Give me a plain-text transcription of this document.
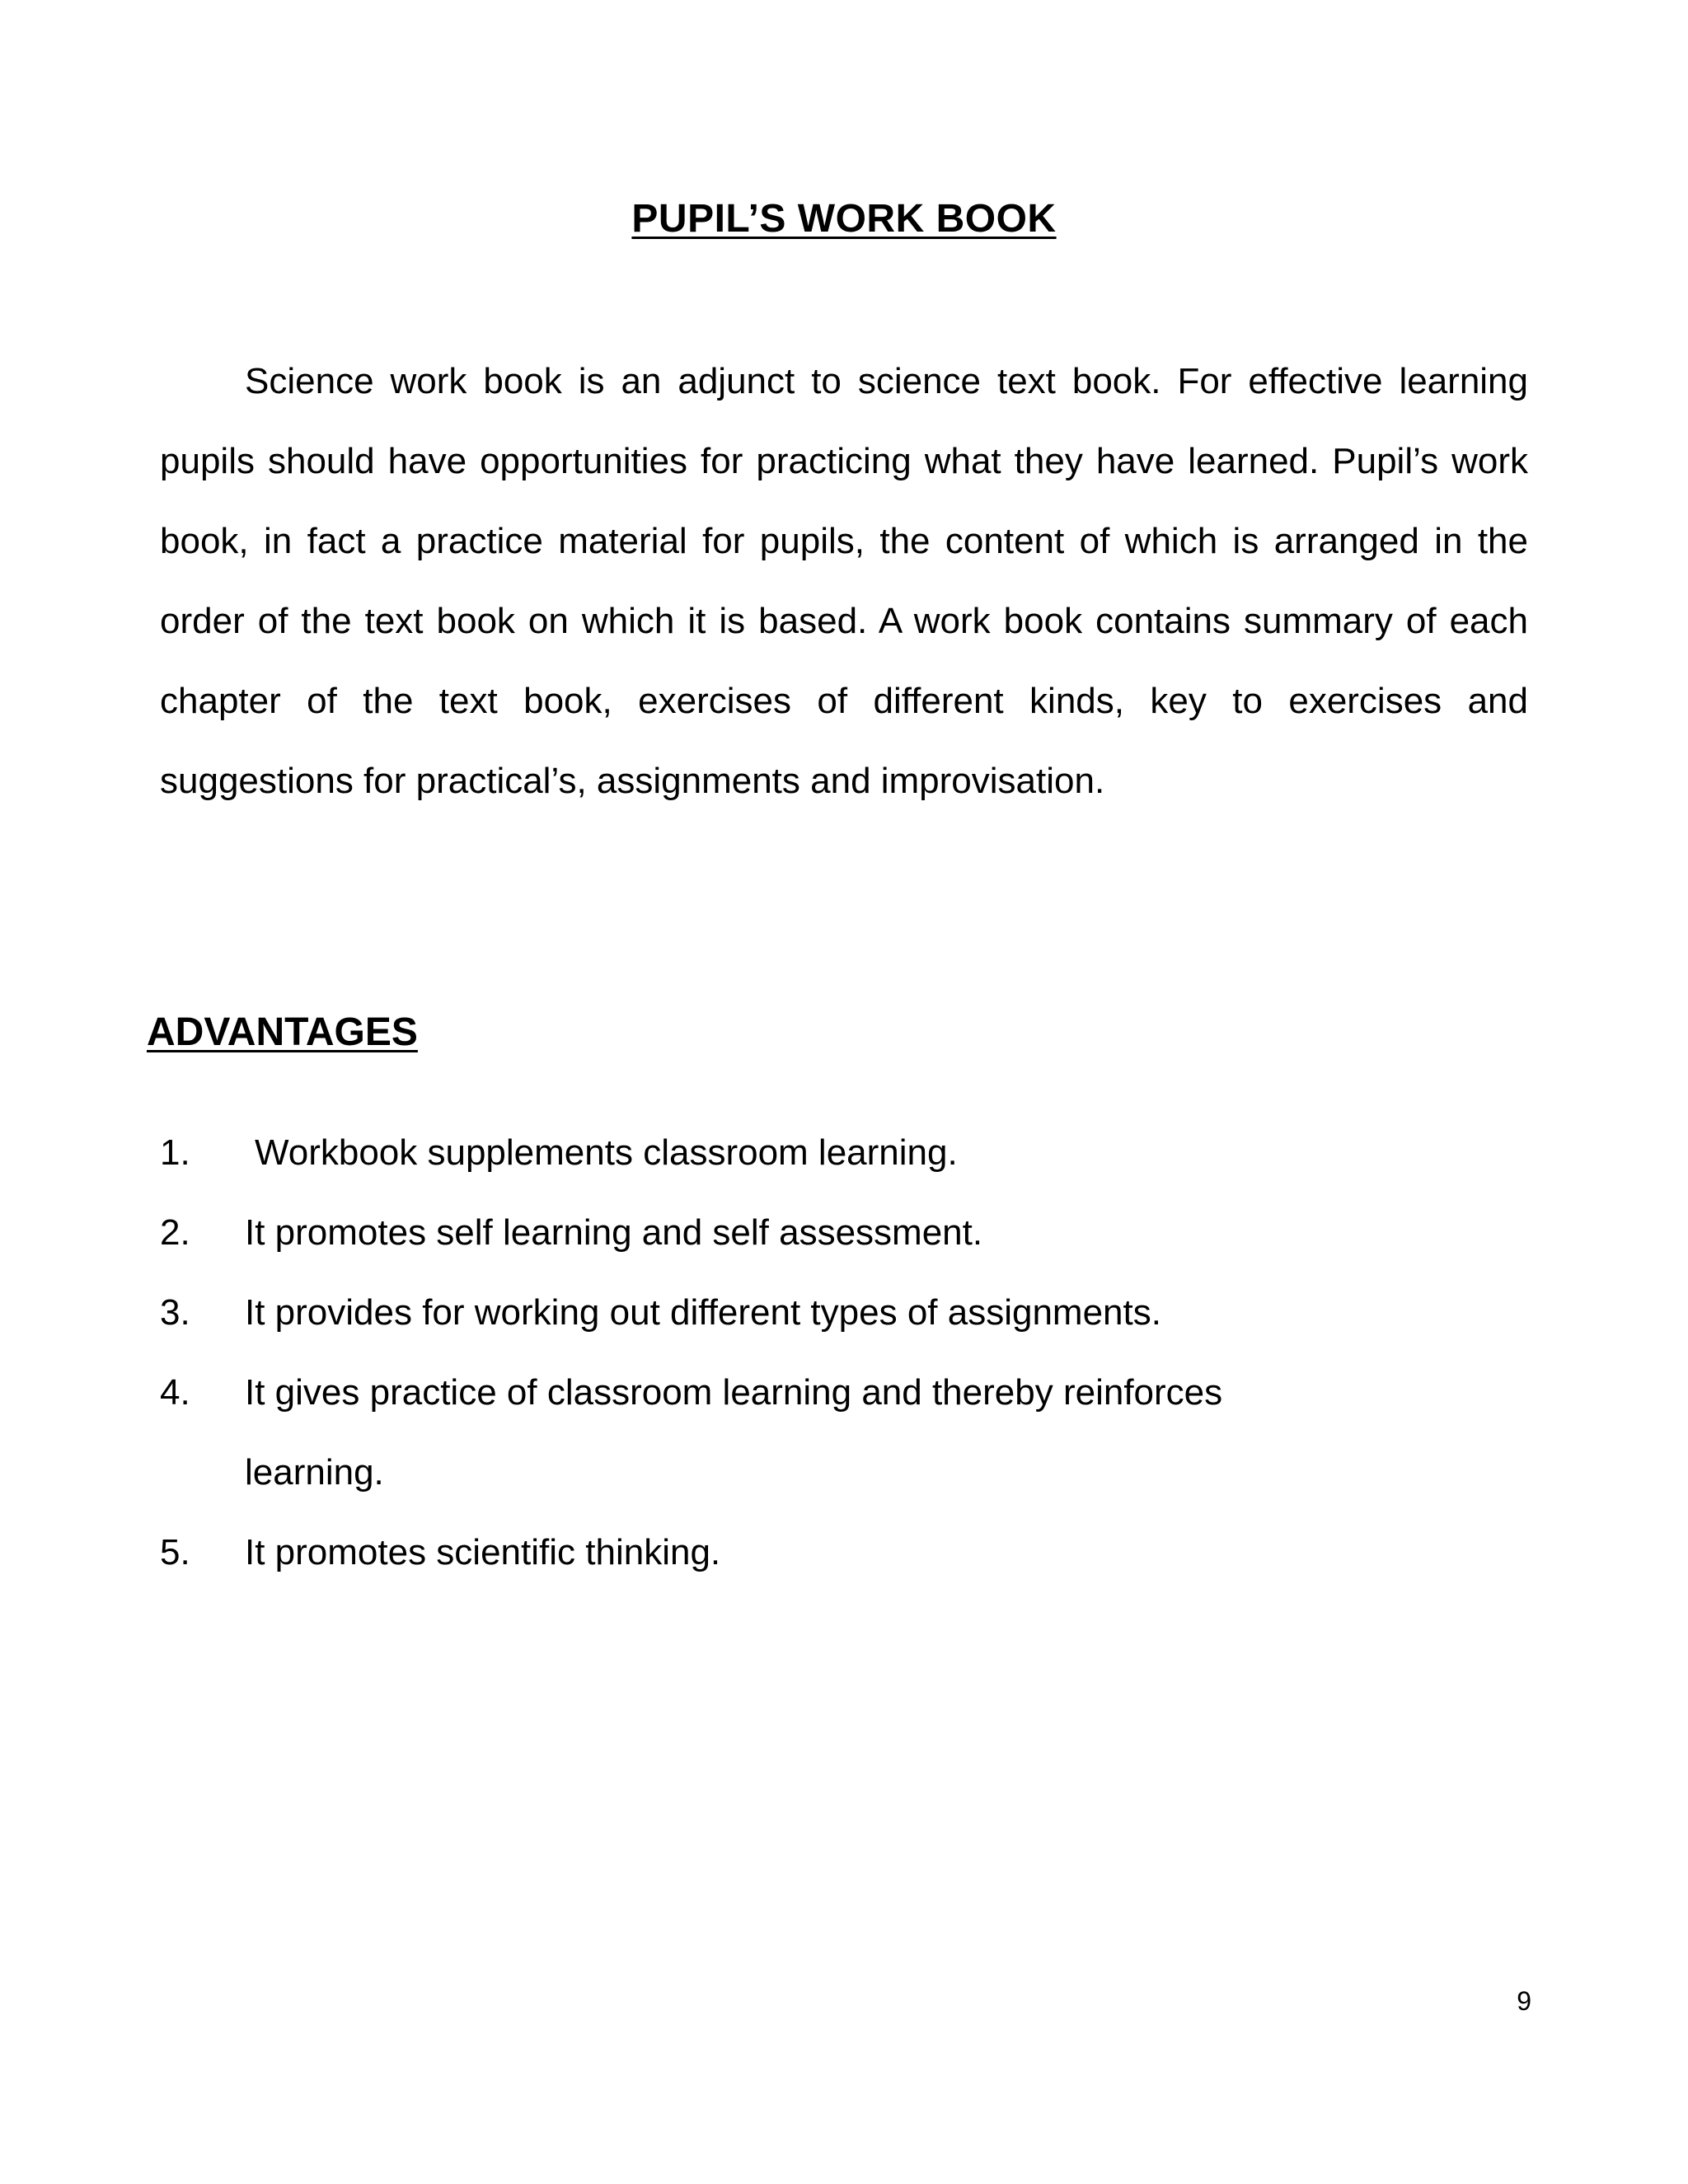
PUPIL’S WORK BOOK

Science work book is an adjunct to science text book. For effective learning pupils should have opportunities for practicing what they have learned. Pupil’s work book, in fact a practice material for pupils, the content of which is arranged in the order of the text book on which it is based. A work book contains summary of each chapter of the text book, exercises of different kinds, key to exercises and suggestions for practical’s, assignments and improvisation.

ADVANTAGES
1.	Workbook supplements classroom learning.
2.	It promotes self learning and self assessment.
3.	It provides for working out different types of assignments.
4.	It gives practice of classroom learning and thereby reinforces learning.
5.	It promotes scientific thinking.
9
